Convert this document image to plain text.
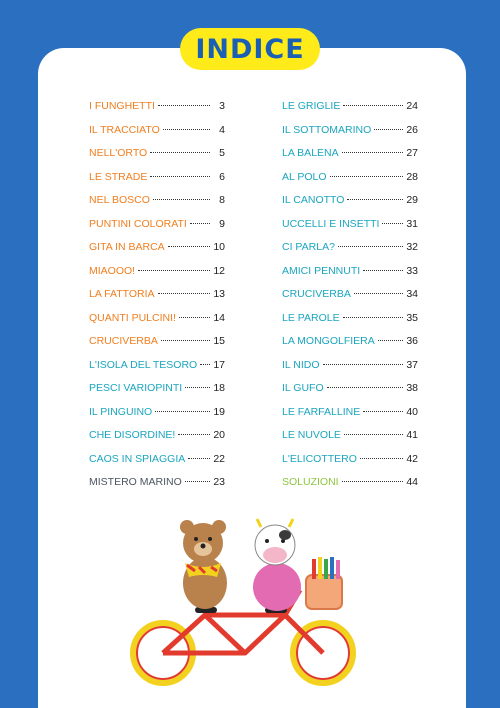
INDICE
I FUNGHETTI	3
IL TRACCIATO	4
NELL'ORTO	5
LE STRADE	6
NEL BOSCO	8
PUNTINI COLORATI	9
GITA IN BARCA	10
MIAOOO!	12
LA FATTORIA	13
QUANTI PULCINI!	14
CRUCIVERBA	15
L'ISOLA DEL TESORO 17
PESCI VARIOPINTI	18
IL PINGUINO	19
CHE DISORDINE!	20
CAOS IN SPIAGGIA	22
MISTERO MARINO	23
LE GRIGLIE	24
IL SOTTOMARINO	26
LA BALENA	27
AL POLO	28
IL CANOTTO	29
UCCELLI E INSETTI	31
CI PARLA?	32
AMICI PENNUTI	33
CRUCIVERBA	34
LE PAROLE	35
LA MONGOLFIERA	36
IL NIDO	37
IL GUFO	38
LE FARFALLINE	40
LE NUVOLE	41
L'ELICOTTERO	42
SOLUZIONI	44
